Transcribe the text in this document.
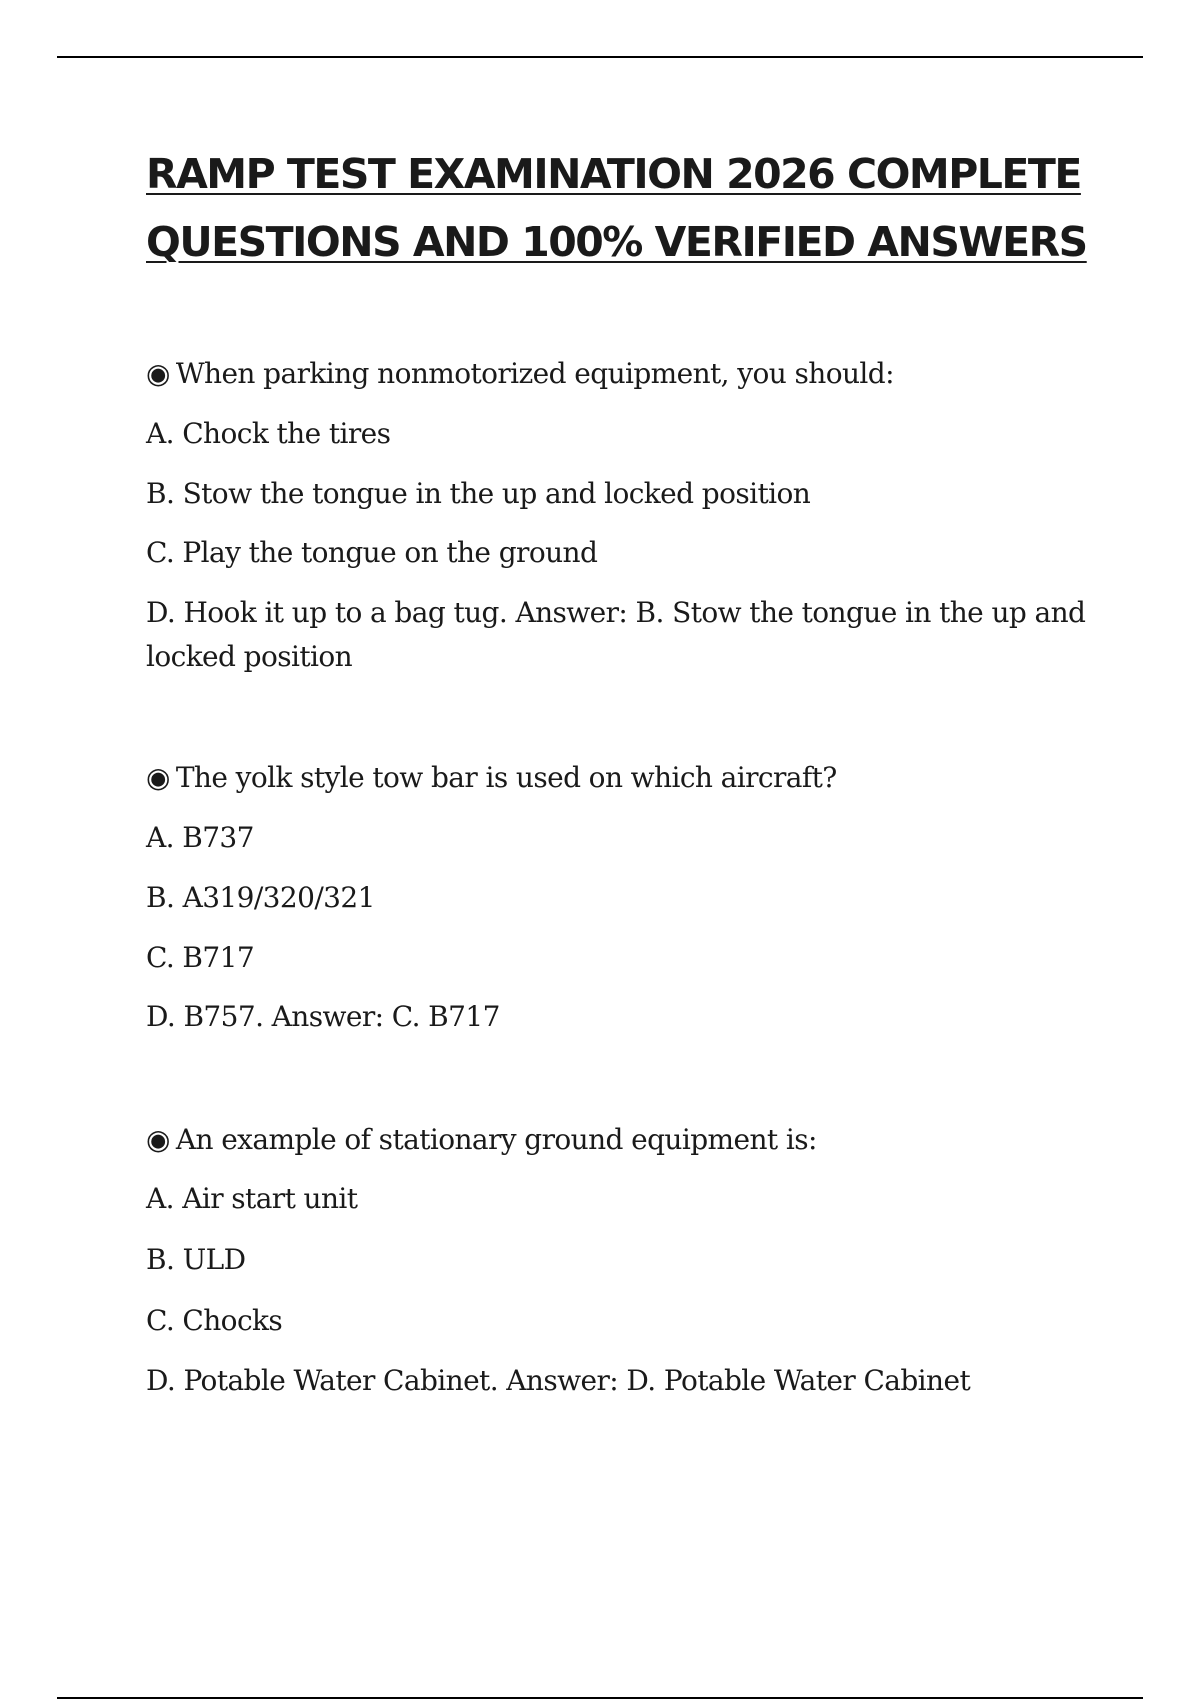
RAMP TEST EXAMINATION 2026 COMPLETE
QUESTIONS AND 100% VERIFIED ANSWERS

◉ When parking nonmotorized equipment, you should:

A. Chock the tires

B. Stow the tongue in the up and locked position

C. Play the tongue on the ground

D. Hook it up to a bag tug. Answer: B. Stow the tongue in the up and locked position

◉ The yolk style tow bar is used on which aircraft?

A. B737

B. A319/320/321

C. B717

D. B757. Answer: C. B717

◉ An example of stationary ground equipment is:

A. Air start unit

B. ULD

C. Chocks

D. Potable Water Cabinet. Answer: D. Potable Water Cabinet
